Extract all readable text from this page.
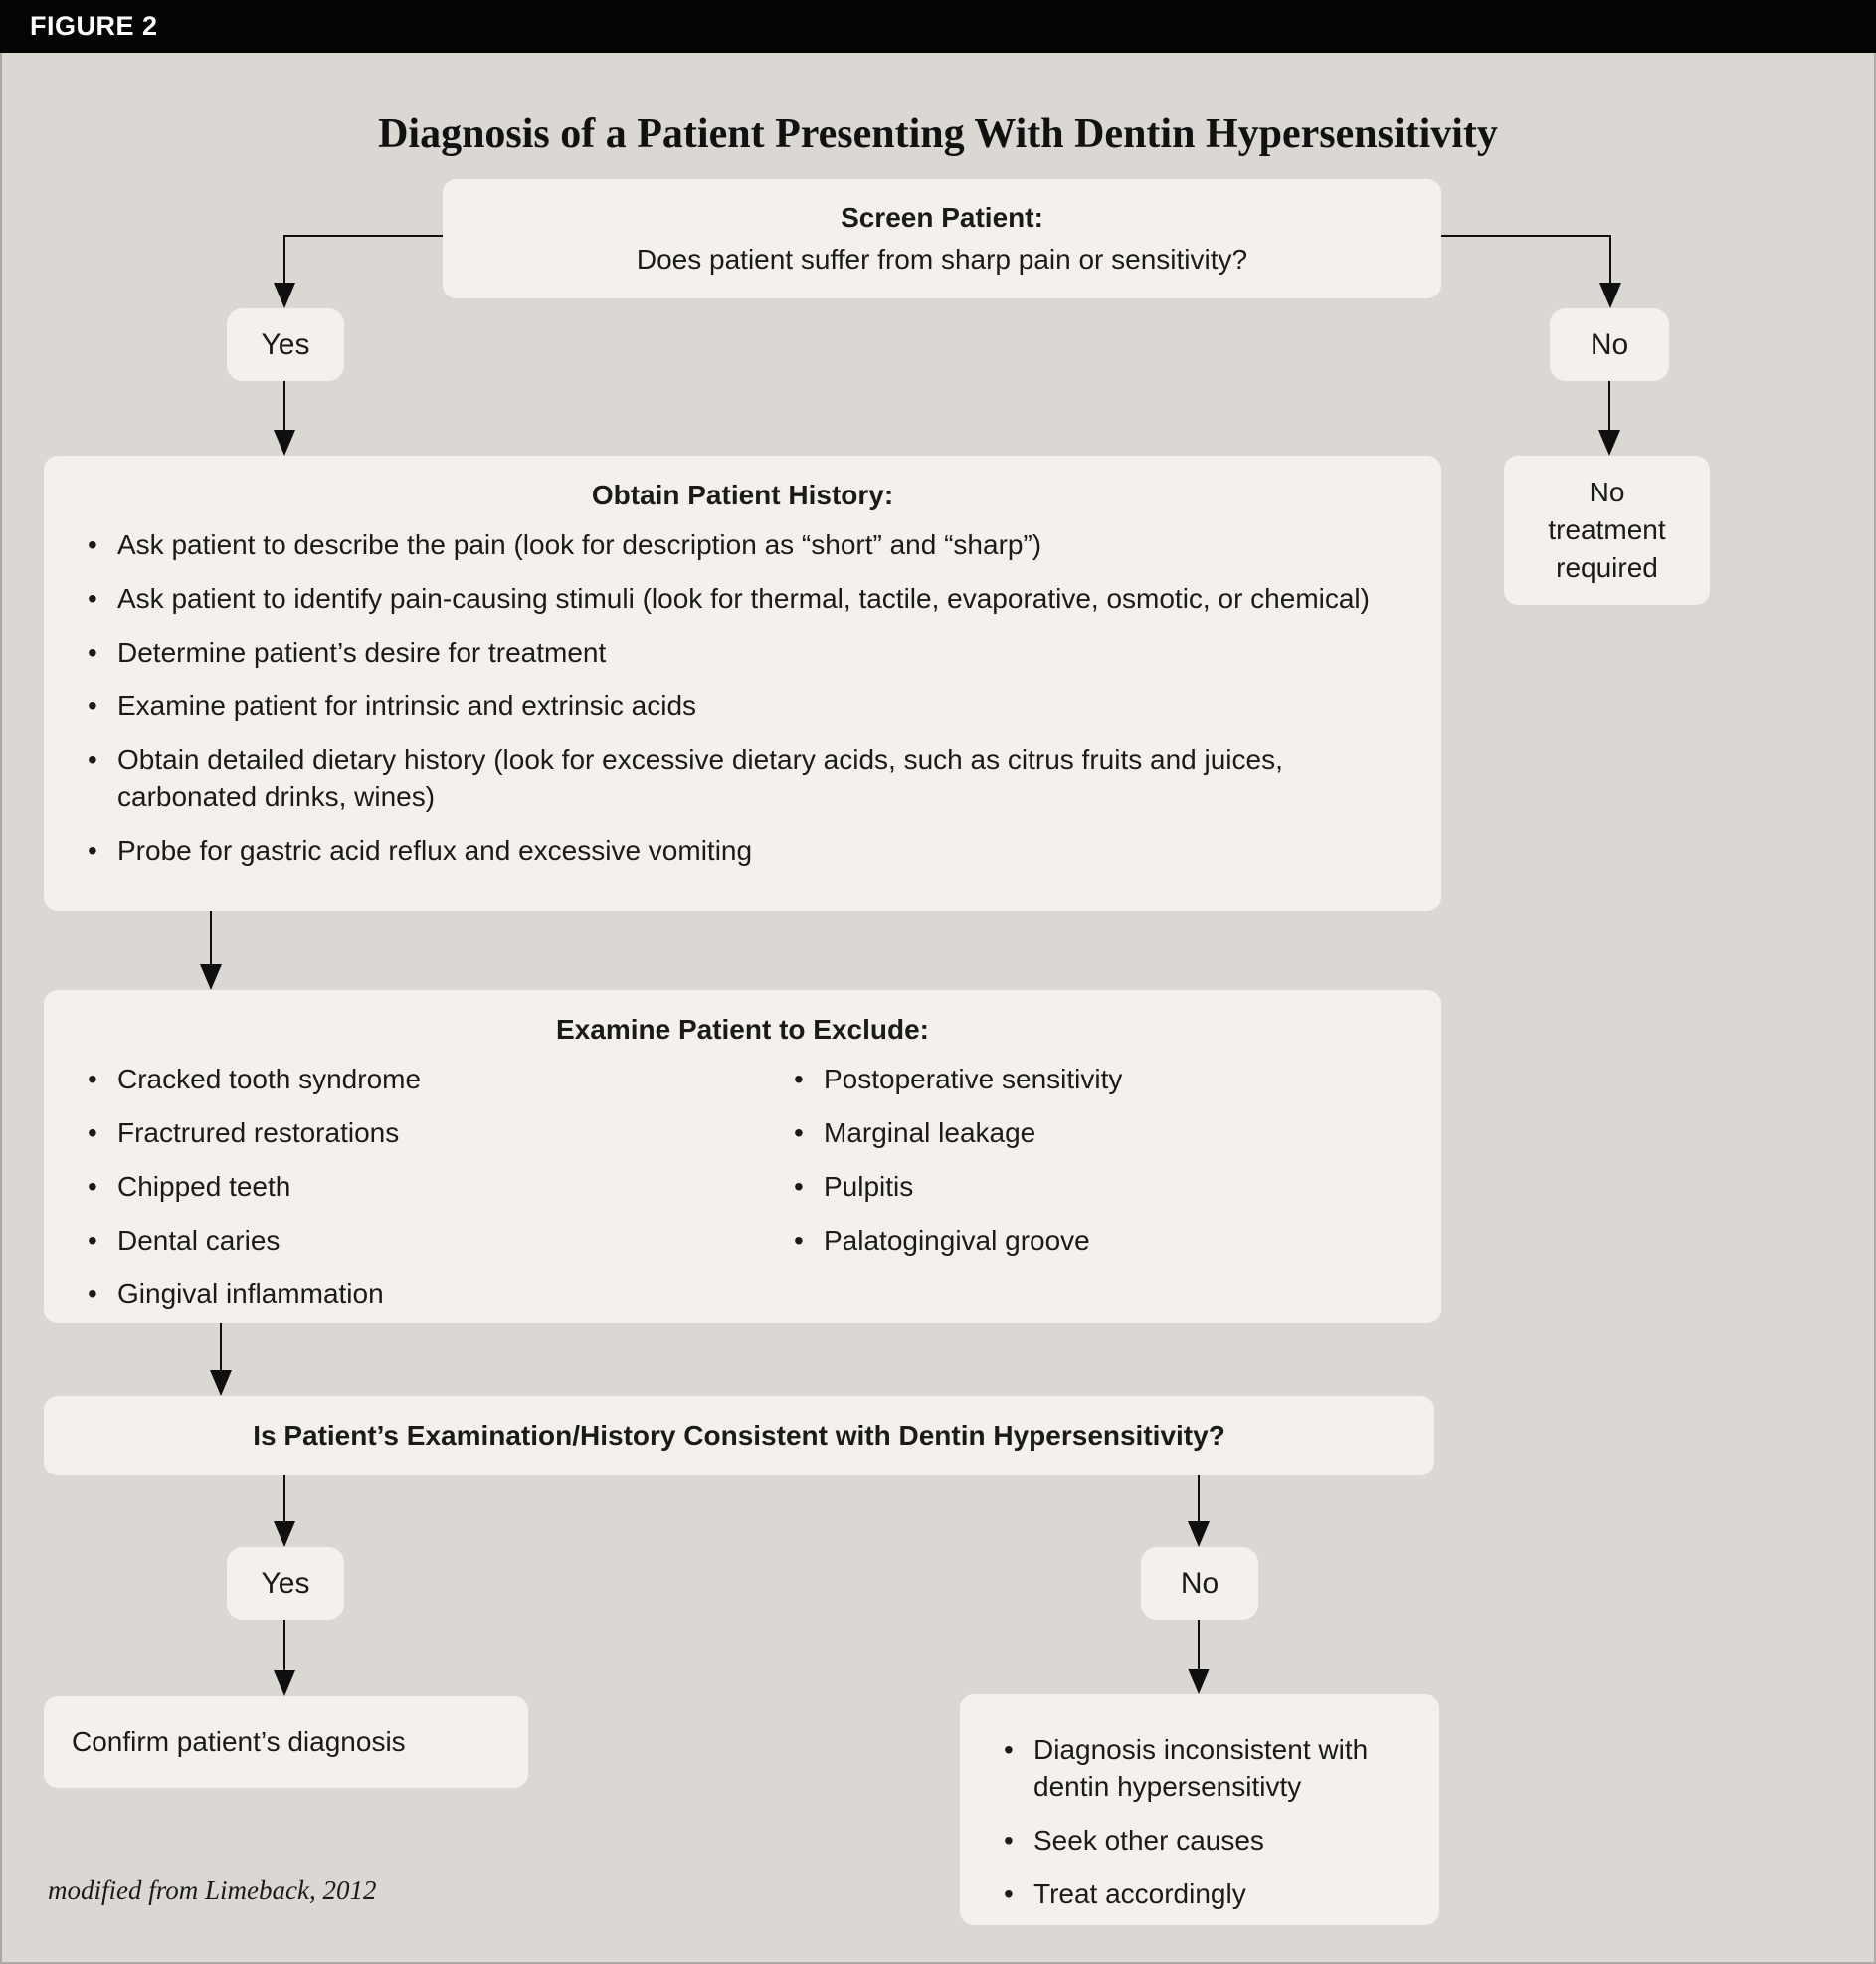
FIGURE 2
Diagnosis of a Patient Presenting With Dentin Hypersensitivity
Screen Patient:
Does patient suffer from sharp pain or sensitivity?
Yes	No
No
treatment
required
Obtain Patient History:
• Ask patient to describe the pain (look for description as “short” and “sharp”)
• Ask patient to identify pain-causing stimuli (look for thermal, tactile, evaporative, osmotic, or chemical)
• Determine patient’s desire for treatment
• Examine patient for intrinsic and extrinsic acids
• Obtain detailed dietary history (look for excessive dietary acids, such as citrus fruits and juices, carbonated drinks, wines)
• Probe for gastric acid reflux and excessive vomiting
Examine Patient to Exclude:
• Cracked tooth syndrome
• Fractrured restorations
• Chipped teeth
• Dental caries
• Gingival inflammation
• Postoperative sensitivity
• Marginal leakage
• Pulpitis
• Palatogingival groove
Is Patient’s Examination/History Consistent with Dentin Hypersensitivity?
Yes	No
Confirm patient’s diagnosis	• Diagnosis inconsistent with dentin hypersensitivty
• Seek other causes
• Treat accordingly
modified from Limeback, 2012
